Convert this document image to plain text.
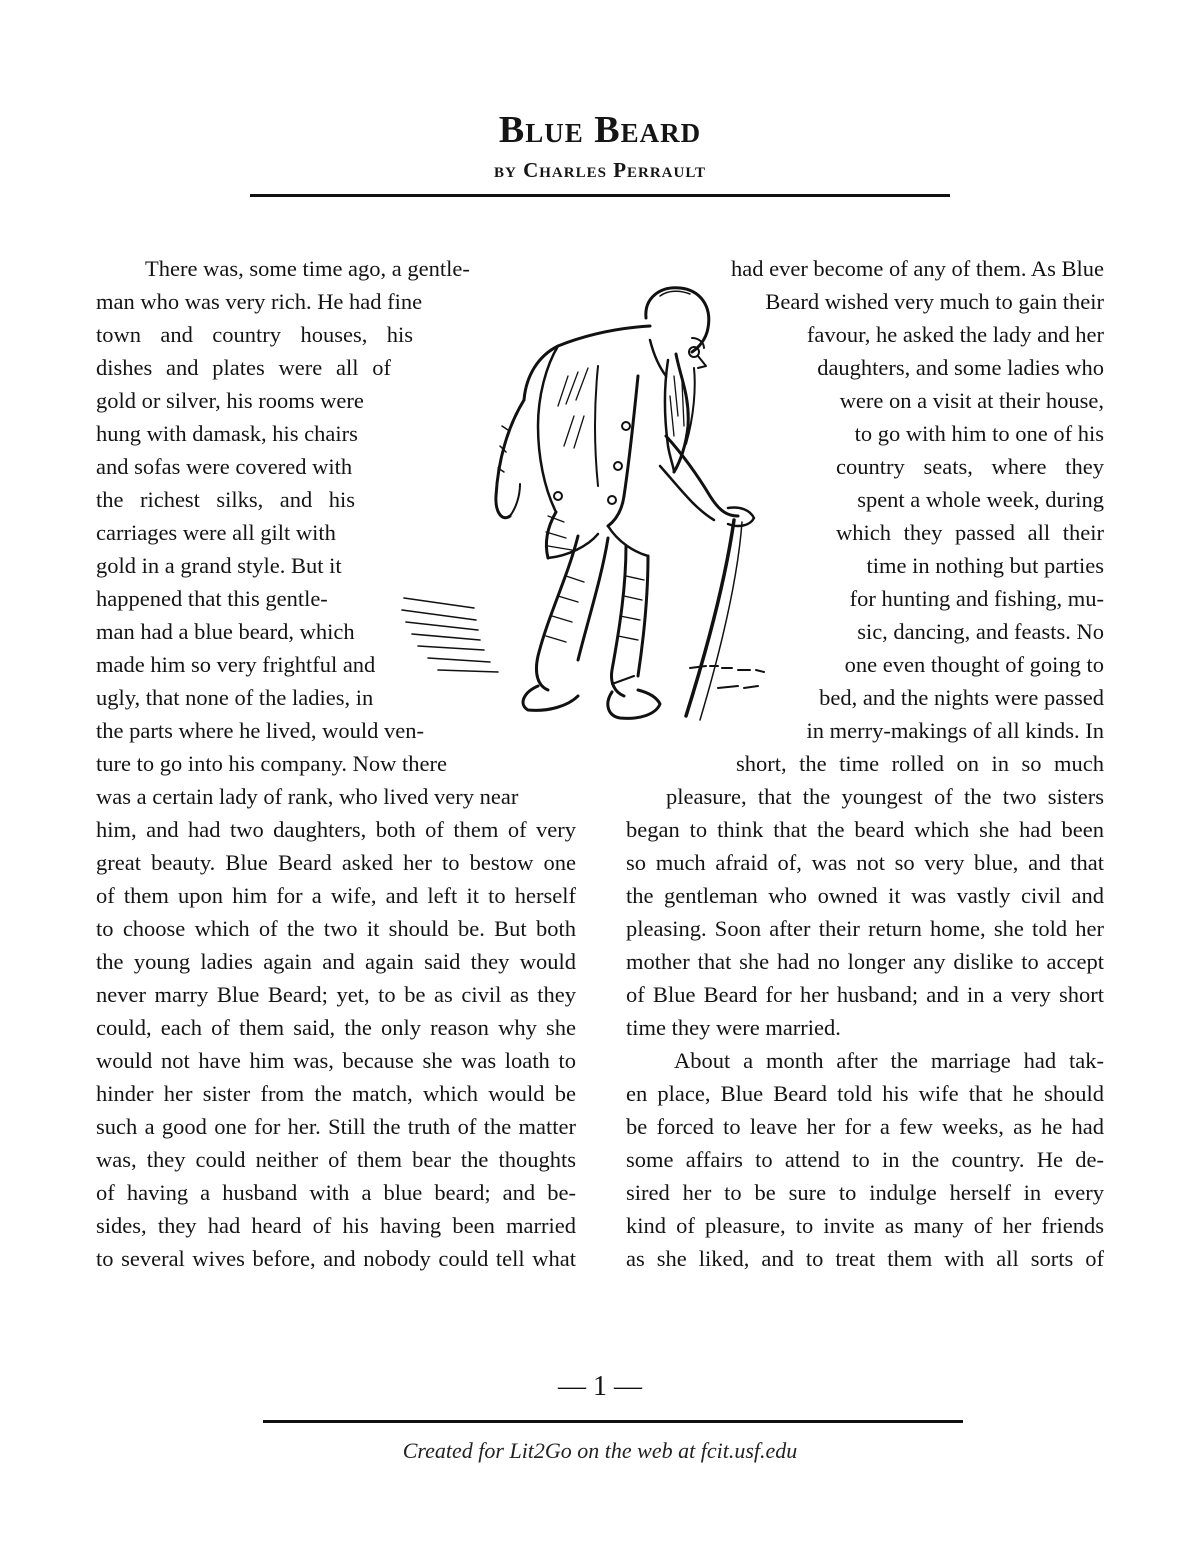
Blue Beard
by Charles Perrault
There was, some time ago, a gentle-
man who was very rich. He had fine
town and country houses, his
dishes and plates were all of
gold or silver, his rooms were
hung with damask, his chairs
and sofas were covered with
the richest silks, and his
carriages were all gilt with
gold in a grand style. But it
happened that this gentle-
man had a blue beard, which
made him so very frightful and
ugly, that none of the ladies, in
the parts where he lived, would ven-
ture to go into his company. Now there
was a certain lady of rank, who lived very near
him, and had two daughters, both of them of very
great beauty. Blue Beard asked her to bestow one
of them upon him for a wife, and left it to herself
to choose which of the two it should be. But both
the young ladies again and again said they would
never marry Blue Beard; yet, to be as civil as they
could, each of them said, the only reason why she
would not have him was, because she was loath to
hinder her sister from the match, which would be
such a good one for her. Still the truth of the matter
was, they could neither of them bear the thoughts
of having a husband with a blue beard; and be-
sides, they had heard of his having been married
to several wives before, and nobody could tell what
had ever become of any of them. As Blue
Beard wished very much to gain their
favour, he asked the lady and her
daughters, and some ladies who
were on a visit at their house,
to go with him to one of his
country seats, where they
spent a whole week, during
which they passed all their
time in nothing but parties
for hunting and fishing, mu-
sic, dancing, and feasts. No
one even thought of going to
bed, and the nights were passed
in merry-makings of all kinds. In
short, the time rolled on in so much
pleasure, that the youngest of the two sisters
began to think that the beard which she had been
so much afraid of, was not so very blue, and that
the gentleman who owned it was vastly civil and
pleasing. Soon after their return home, she told her
mother that she had no longer any dislike to accept
of Blue Beard for her husband; and in a very short
time they were married.
About a month after the marriage had tak-
en place, Blue Beard told his wife that he should
be forced to leave her for a few weeks, as he had
some affairs to attend to in the country. He de-
sired her to be sure to indulge herself in every
kind of pleasure, to invite as many of her friends
as she liked, and to treat them with all sorts of
— 1 —
Created for Lit2Go on the web at fcit.usf.edu
